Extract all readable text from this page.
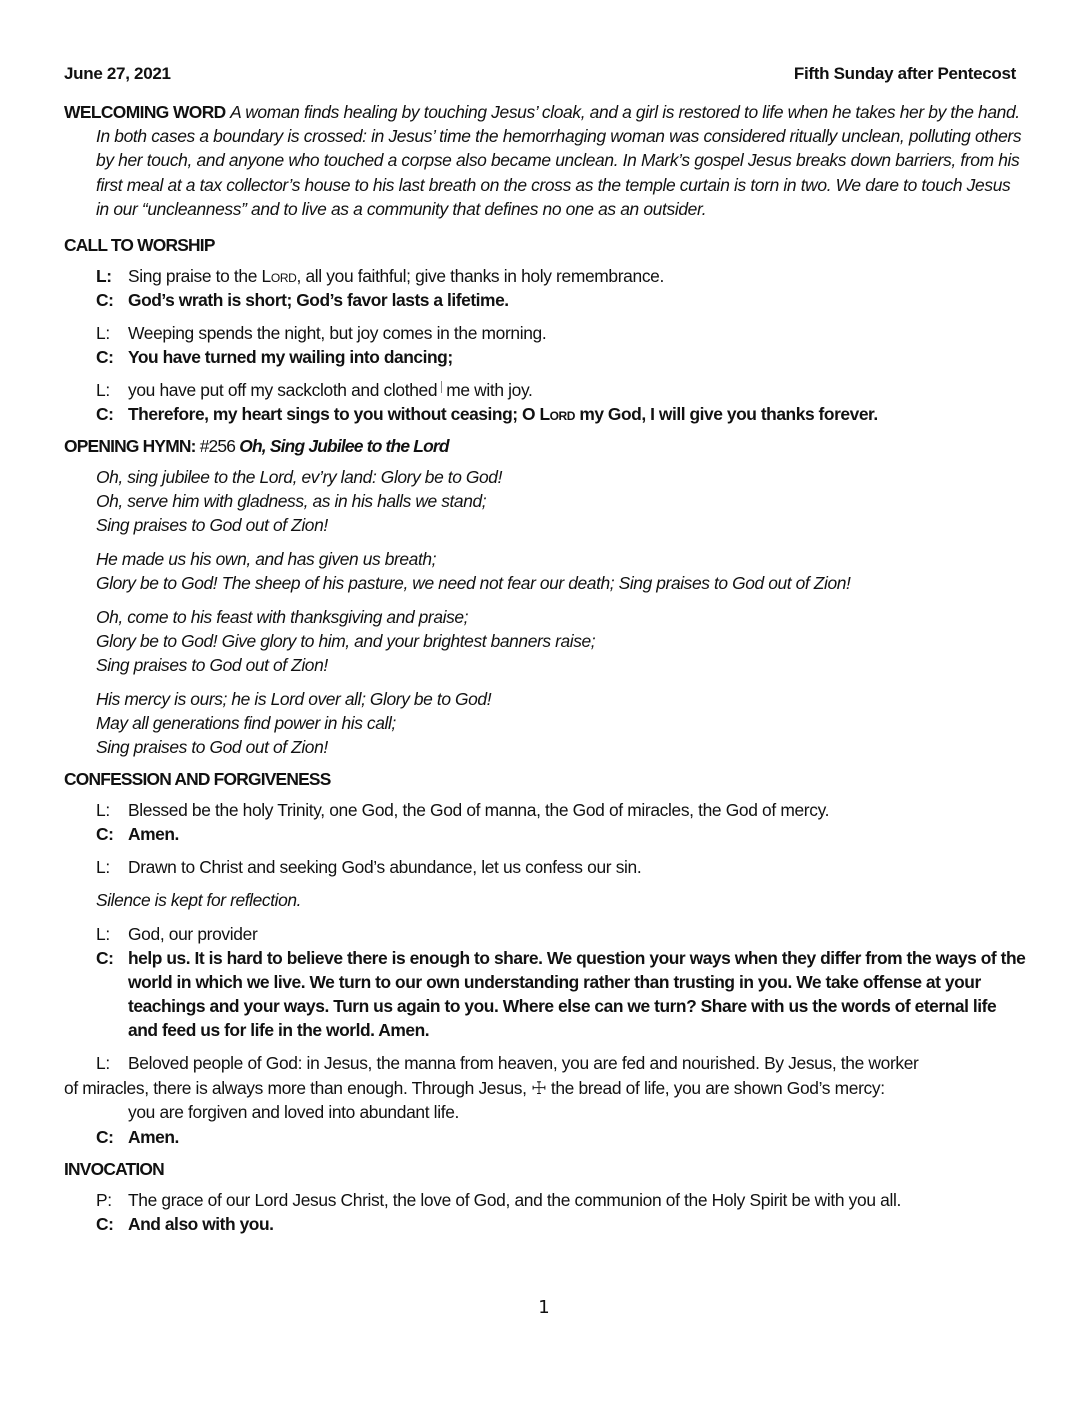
June 27, 2021	Fifth Sunday after Pentecost

WELCOMING WORD A woman finds healing by touching Jesus’ cloak, and a girl is restored to life when he takes her by the hand. In both cases a boundary is crossed: in Jesus’ time the hemorrhaging woman was considered ritually unclean, polluting others by her touch, and anyone who touched a corpse also became unclean. In Mark’s gospel Jesus breaks down barriers, from his first meal at a tax collector’s house to his last breath on the cross as the temple curtain is torn in two. We dare to touch Jesus in our “uncleanness” and to live as a community that defines no one as an outsider.

CALL TO WORSHIP
L: Sing praise to the Lord, all you faithful; give thanks in holy remembrance.
C: God’s wrath is short; God’s favor lasts a lifetime.
L:	Weeping spends the night, but joy comes in the morning.
C: You have turned my wailing into dancing;
L:	you have put off my sackcloth and clothed me with joy.
C: Therefore, my heart sings to you without ceasing; O Lord my God, I will give you thanks forever.
OPENING HYMN: #256 Oh, Sing Jubilee to the Lord
Oh, sing jubilee to the Lord, ev’ry land: Glory be to God!
Oh, serve him with gladness, as in his halls we stand;
Sing praises to God out of Zion!
He made us his own, and has given us breath;
Glory be to God! The sheep of his pasture, we need not fear our death; Sing praises to God out of Zion!
Oh, come to his feast with thanksgiving and praise;
Glory be to God! Give glory to him, and your brightest banners raise;
Sing praises to God out of Zion!
His mercy is ours; he is Lord over all; Glory be to God!
May all generations find power in his call;
Sing praises to God out of Zion!
CONFESSION AND FORGIVENESS
L:	Blessed be the holy Trinity, one God, the God of manna, the God of miracles, the God of mercy.
C: Amen.
L:	Drawn to Christ and seeking God’s abundance, let us confess our sin.
Silence is kept for reflection.
L:	God, our provider
C: help us. It is hard to believe there is enough to share. We question your ways when they differ from the ways of the world in which we live. We turn to our own understanding rather than trusting in you. We take offense at your teachings and your ways. Turn us again to you. Where else can we turn? Share with us the words of eternal life and feed us for life in the world. Amen.
L:	Beloved people of God: in Jesus, the manna from heaven, you are fed and nourished. By Jesus, the worker
of miracles, there is always more than enough. Through Jesus, ☩ the bread of life, you are shown God’s mercy:
you are forgiven and loved into abundant life.
C: Amen.
INVOCATION
P: The grace of our Lord Jesus Christ, the love of God, and the communion of the Holy Spirit be with you all.
C: And also with you.
1
